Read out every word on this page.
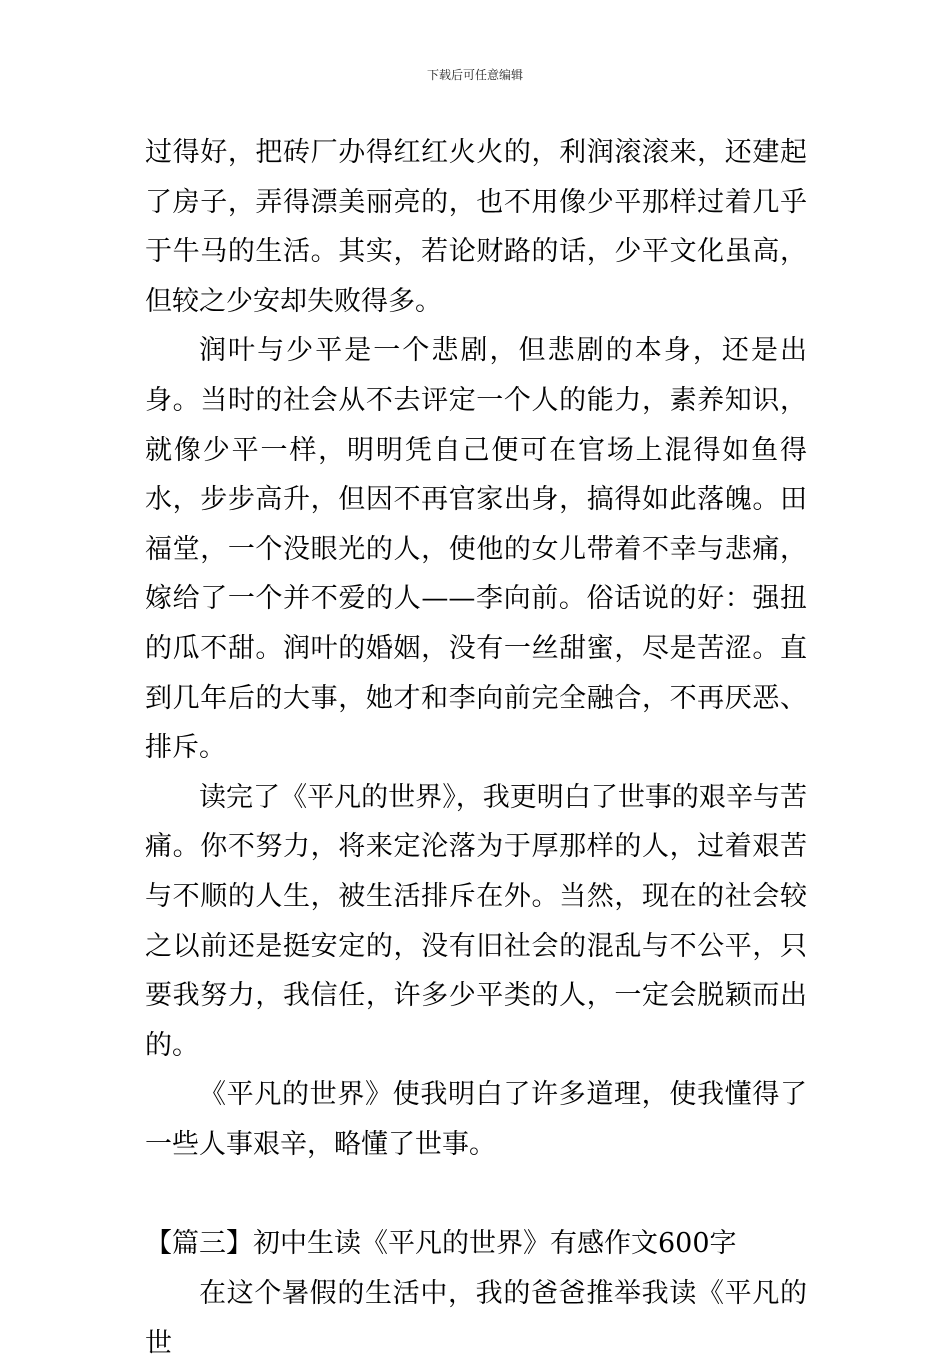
下载后可任意编辑

过得好，把砖厂办得红红火火的，利润滚滚来，还建起了房子，弄得漂美丽亮的，也不用像少平那样过着几乎于牛马的生活。其实，若论财路的话，少平文化虽高，但较之少安却失败得多。

润叶与少平是一个悲剧，但悲剧的本身，还是出身。当时的社会从不去评定一个人的能力，素养知识，就像少平一样，明明凭自己便可在官场上混得如鱼得水，步步高升，但因不再官家出身，搞得如此落魄。田福堂，一个没眼光的人，使他的女儿带着不幸与悲痛，嫁给了一个并不爱的人——李向前。俗话说的好：强扭的瓜不甜。润叶的婚姻，没有一丝甜蜜，尽是苦涩。直到几年后的大事，她才和李向前完全融合，不再厌恶、排斥。

读完了《平凡的世界》，我更明白了世事的艰辛与苦痛。你不努力，将来定沦落为于厚那样的人，过着艰苦与不顺的人生，被生活排斥在外。当然，现在的社会较之以前还是挺安定的，没有旧社会的混乱与不公平，只要我努力，我信任，许多少平类的人，一定会脱颖而出的。

《平凡的世界》使我明白了许多道理，使我懂得了一些人事艰辛，略懂了世事。

【篇三】初中生读《平凡的世界》有感作文600字

在这个暑假的生活中，我的爸爸推举我读《平凡的世
